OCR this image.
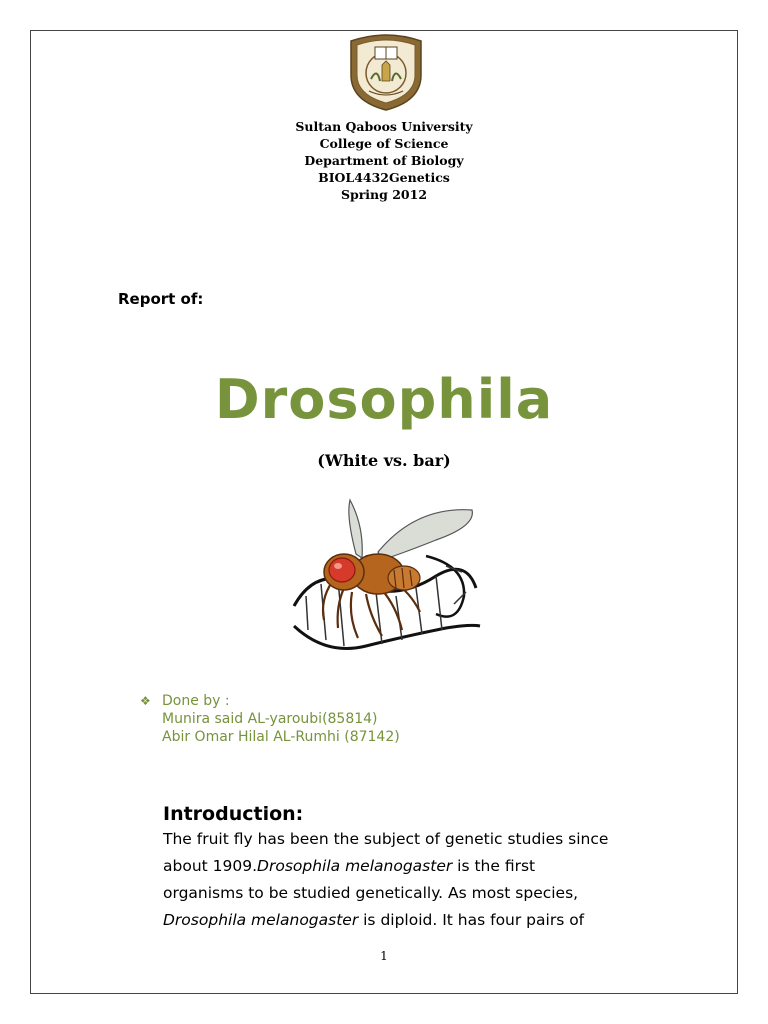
Sultan Qaboos University
College of Science
Department of Biology
BIOL4432Genetics
Spring 2012
Report of:
Drosophila
(White vs. bar)
❖ Done by :
Munira said AL-yaroubi(85814)
Abir Omar Hilal AL-Rumhi (87142)
Introduction:
The fruit fly has been the subject of genetic studies since
about 1909.Drosophila melanogaster is the first
organisms to be studied genetically. As most species,
Drosophila melanogaster is diploid. It has four pairs of
1
